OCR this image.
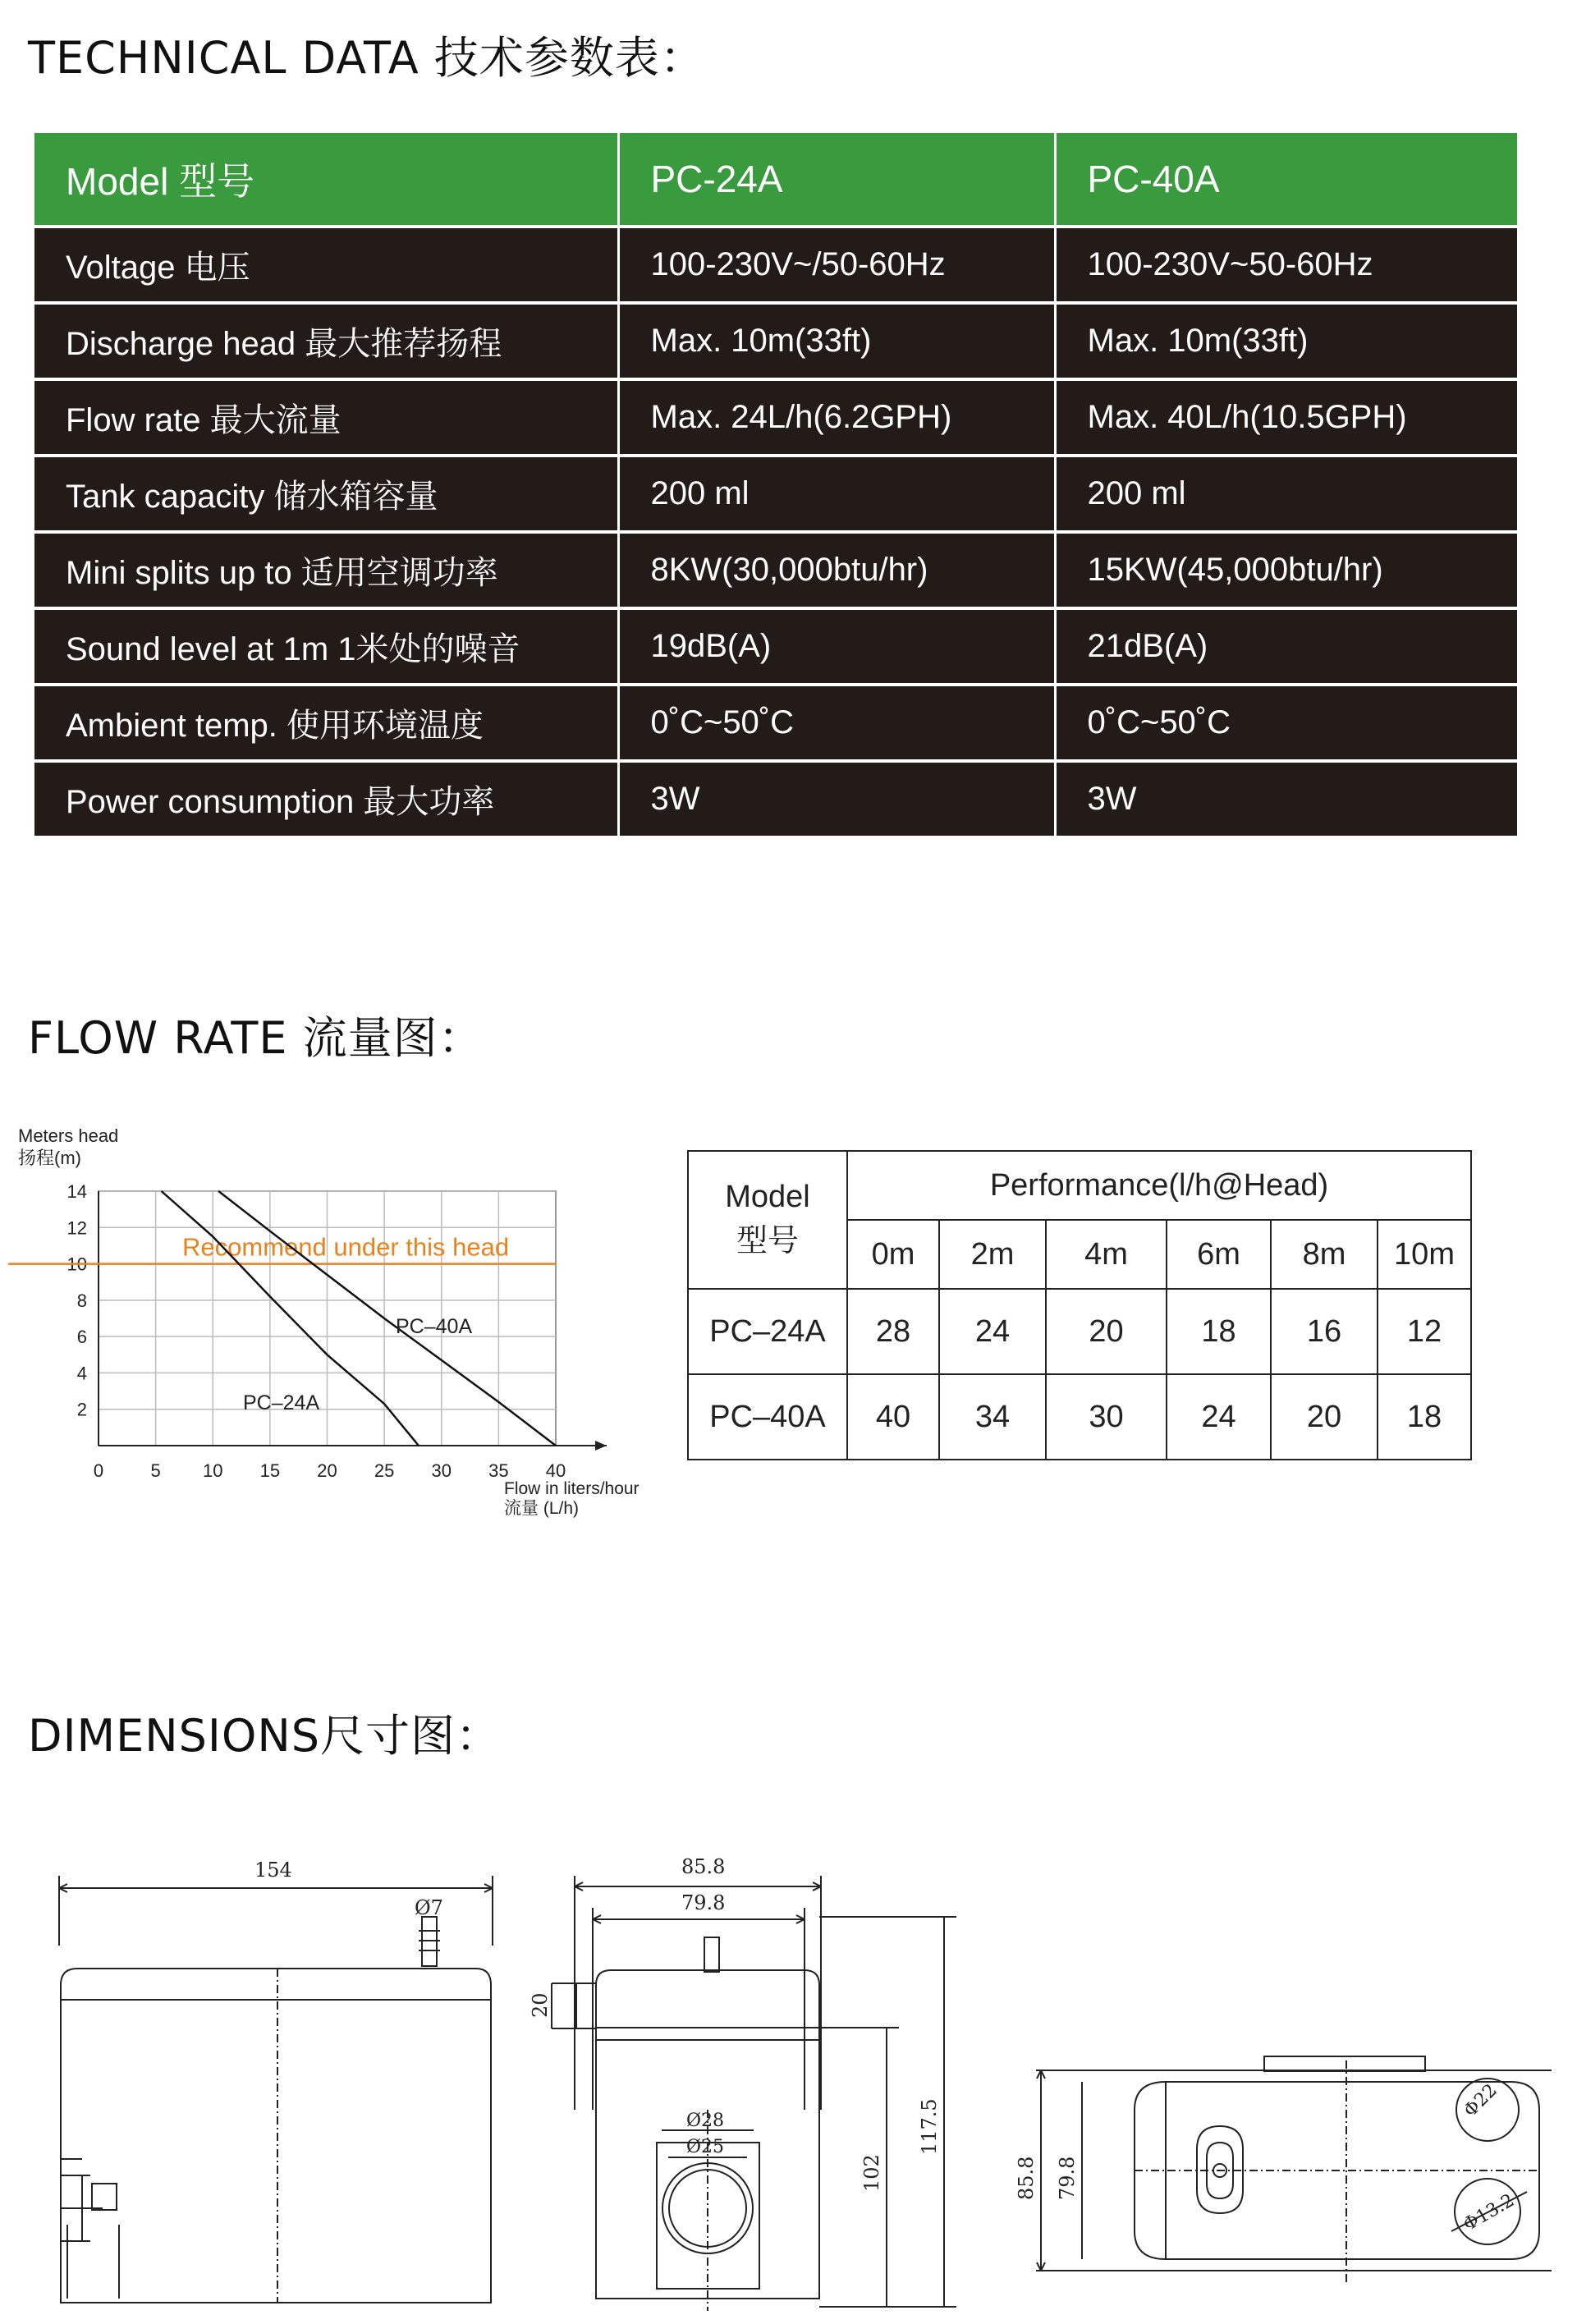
TECHNICAL DATA 技术参数表：
FLOW RATE 流量图：
DIMENSIONS尺寸图：
Model 型号	PC-24A	PC-40A
Voltage 电压	100-230V~/50-60Hz	100-230V~50-60Hz
Discharge head 最大推荐扬程	Max. 10m(33ft)	Max. 10m(33ft)
Flow rate 最大流量	Max. 24L/h(6.2GPH)	Max. 40L/h(10.5GPH)
Tank capacity 储水箱容量	200 ml	200 ml
Mini splits up to 适用空调功率	8KW(30,000btu/hr)	15KW(45,000btu/hr)
Sound level at 1m 1米处的噪音	19dB(A)	21dB(A)
Ambient temp. 使用环境温度	0˚C~50˚C	0˚C~50˚C
Power consumption 最大功率	3W	3W
Meters head
扬程(m)
0	5 10 15 20 25 30 35 40
2
4
6
8
10
12
14
Recommend under this head
PC–24A
PC–40A
Flow in liters/hour
流量 (L/h)
Model
型号	Performance(l/h@Head)					
	0m	2m	4m	6m	8m	10m
PC–24A	28	24	20	18	16	12
PC–40A	40	34	30	24	20	18
154
Ø7
85.8
79.8
20
Ø28
Ø25
102
117.5
85.8 79.8
Φ22
Φ13.2
